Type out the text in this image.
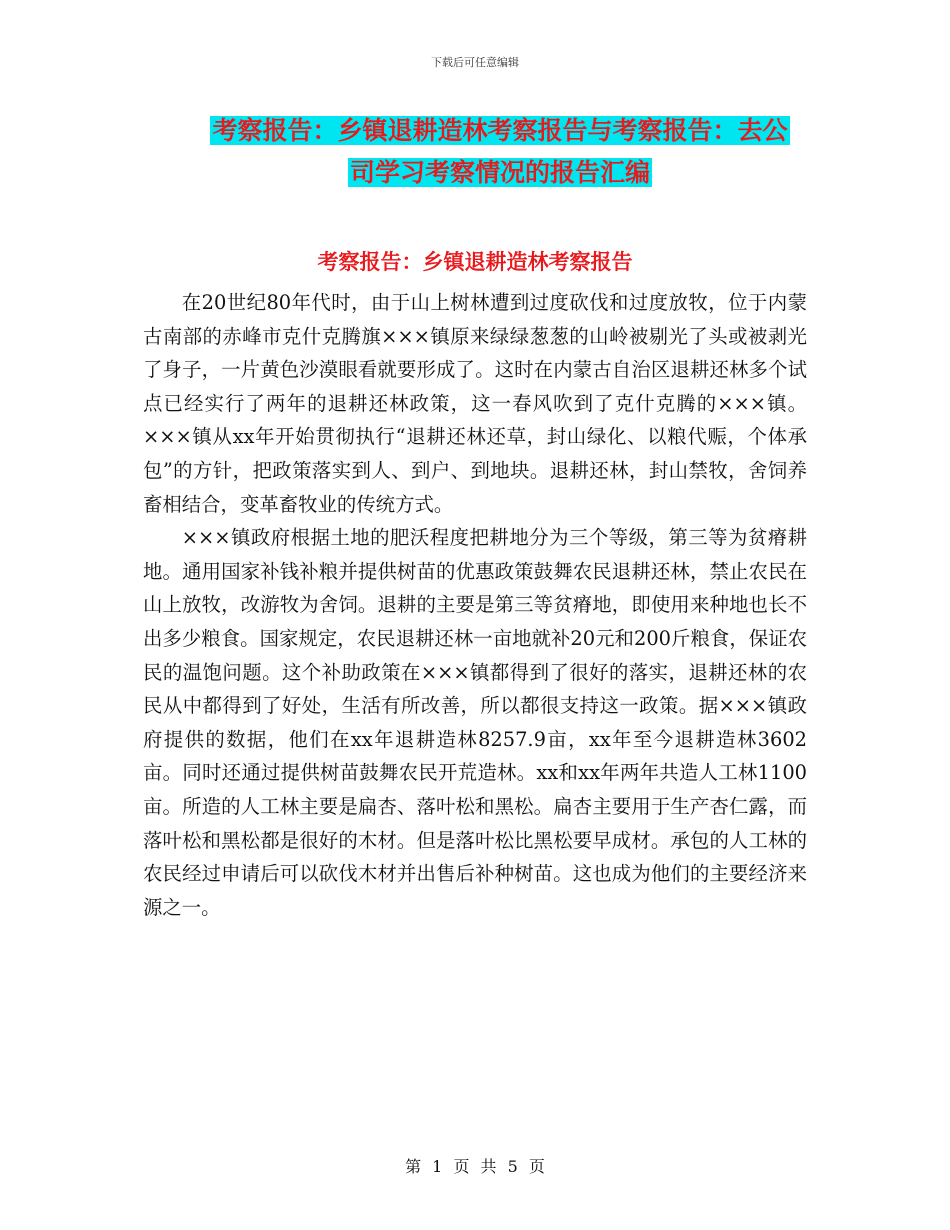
下载后可任意编辑
考察报告：乡镇退耕造林考察报告与考察报告：去公
司学习考察情况的报告汇编
考察报告：乡镇退耕造林考察报告

在20世纪80年代时，由于山上树林遭到过度砍伐和过度放牧，位于内蒙古南部的赤峰市克什克腾旗×××镇原来绿绿葱葱的山岭被剔光了头或被剥光了身子，一片黄色沙漠眼看就要形成了。这时在内蒙古自治区退耕还林多个试点已经实行了两年的退耕还林政策，这一春风吹到了克什克腾的×××镇。×××镇从xx年开始贯彻执行“退耕还林还草，封山绿化、以粮代赈，个体承包”的方针，把政策落实到人、到户、到地块。退耕还林，封山禁牧，舍饲养畜相结合，变革畜牧业的传统方式。

×××镇政府根据土地的肥沃程度把耕地分为三个等级，第三等为贫瘠耕地。通用国家补钱补粮并提供树苗的优惠政策鼓舞农民退耕还林，禁止农民在山上放牧，改游牧为舍饲。退耕的主要是第三等贫瘠地，即使用来种地也长不出多少粮食。国家规定，农民退耕还林一亩地就补20元和200斤粮食，保证农民的温饱问题。这个补助政策在×××镇都得到了很好的落实，退耕还林的农民从中都得到了好处，生活有所改善，所以都很支持这一政策。据×××镇政府提供的数据，他们在xx年退耕造林8257.9亩，xx年至今退耕造林3602亩。同时还通过提供树苗鼓舞农民开荒造林。xx和xx年两年共造人工林1100亩。所造的人工林主要是扁杏、落叶松和黑松。扁杏主要用于生产杏仁露，而落叶松和黑松都是很好的木材。但是落叶松比黑松要早成材。承包的人工林的农民经过申请后可以砍伐木材并出售后补种树苗。这也成为他们的主要经济来源之一。

第 1 页 共 5 页
